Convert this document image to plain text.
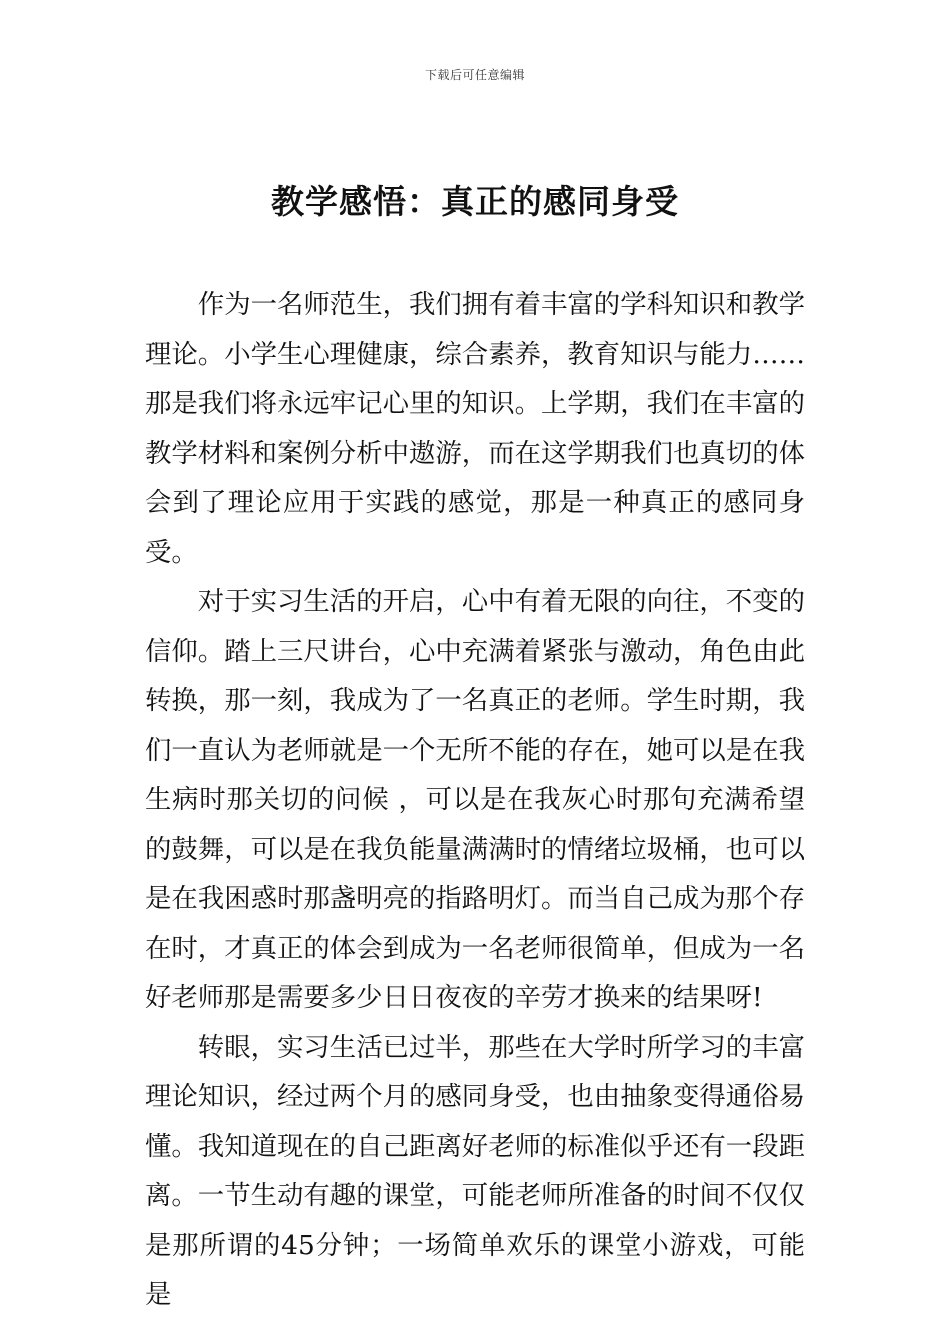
下载后可任意编辑
教学感悟：真正的感同身受

作为一名师范生，我们拥有着丰富的学科知识和教学理论。小学生心理健康，综合素养，教育知识与能力……那是我们将永远牢记心里的知识。上学期，我们在丰富的教学材料和案例分析中遨游，而在这学期我们也真切的体会到了理论应用于实践的感觉，那是一种真正的感同身受。

对于实习生活的开启，心中有着无限的向往，不变的信仰。踏上三尺讲台，心中充满着紧张与激动，角色由此转换，那一刻，我成为了一名真正的老师。学生时期，我们一直认为老师就是一个无所不能的存在，她可以是在我生病时那关切的问候 ，可以是在我灰心时那句充满希望的鼓舞，可以是在我负能量满满时的情绪垃圾桶，也可以是在我困惑时那盏明亮的指路明灯。而当自己成为那个存在时，才真正的体会到成为一名老师很简单，但成为一名好老师那是需要多少日日夜夜的辛劳才换来的结果呀!

转眼，实习生活已过半，那些在大学时所学习的丰富理论知识，经过两个月的感同身受，也由抽象变得通俗易懂。我知道现在的自己距离好老师的标准似乎还有一段距离。一节生动有趣的课堂，可能老师所准备的时间不仅仅是那所谓的45分钟；一场简单欢乐的课堂小游戏，可能是
